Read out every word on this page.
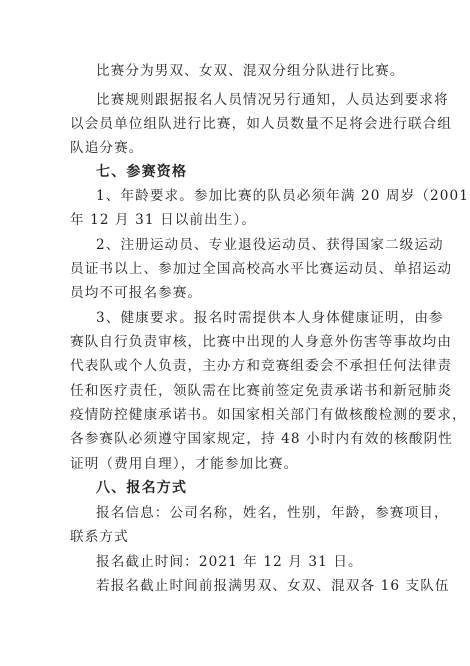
比赛分为男双、女双、混双分组分队进行比赛。
比赛规则跟据报名人员情况另行通知，人员达到要求将
以会员单位组队进行比赛，如人员数量不足将会进行联合组
队追分赛。
七、参赛资格
1、年龄要求。参加比赛的队员必须年满 20 周岁（2001
年 12 月 31 日以前出生）。
2、注册运动员、专业退役运动员、获得国家二级运动
员证书以上、参加过全国高校高水平比赛运动员、单招运动
员均不可报名参赛。
3、健康要求。报名时需提供本人身体健康证明，由参
赛队自行负责审核，比赛中出现的人身意外伤害等事故均由
代表队或个人负责，主办方和竞赛组委会不承担任何法律责
任和医疗责任，领队需在比赛前签定免责承诺书和新冠肺炎
疫情防控健康承诺书。如国家相关部门有做核酸检测的要求，
各参赛队必须遵守国家规定，持 48 小时内有效的核酸阴性
证明（费用自理），才能参加比赛。
八、报名方式
报名信息：公司名称，姓名，性别，年龄，参赛项目，
联系方式
报名截止时间：2021 年 12 月 31 日。
若报名截止时间前报满男双、女双、混双各 16 支队伍
